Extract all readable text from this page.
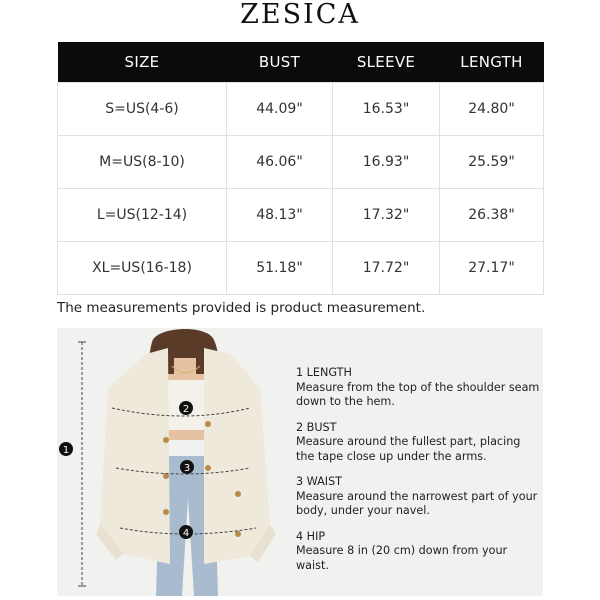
ZESICA
SIZE	BUST	SLEEVE	LENGTH
S=US(4-6)	44.09"	16.53"	24.80"
M=US(8-10)	46.06"	16.93"	25.59"
L=US(12-14)	48.13"	17.32"	26.38"
XL=US(16-18)	51.18"	17.72"	27.17"
The measurements provided is product measurement.
1
2
3
4
1 LENGTH
Measure from the top of the shoulder seam down to the hem.
2 BUST
Measure around the fullest part, placing the tape close up under the arms.
3 WAIST
Measure around the narrowest part of your body, under your navel.
4 HIP
Measure 8 in (20 cm) down from your waist.
